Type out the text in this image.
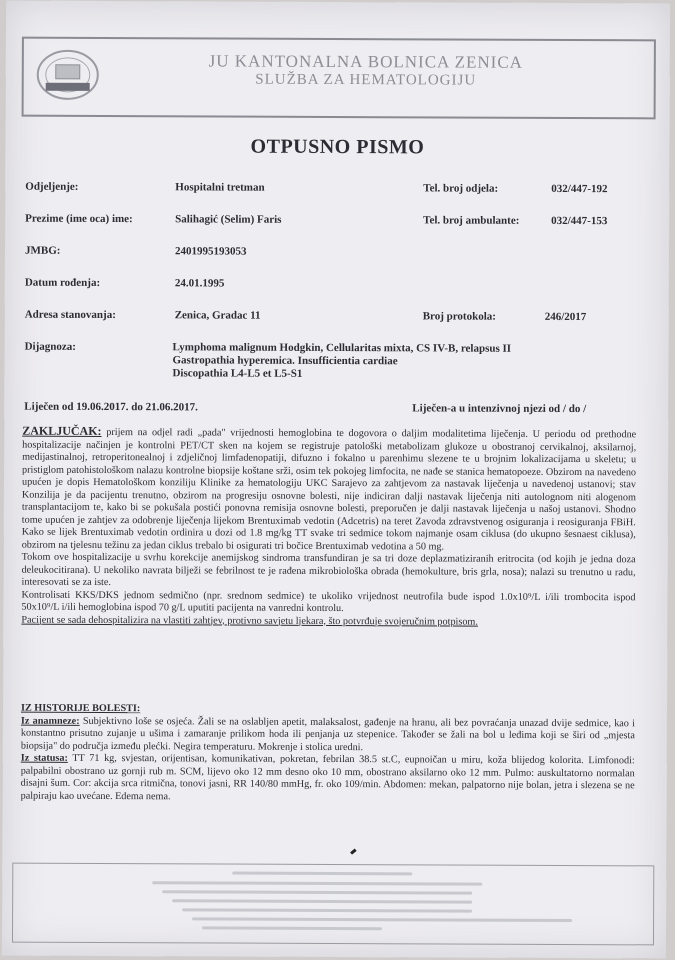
JU KANTONALNA BOLNICA ZENICA
SLUŽBA ZA HEMATOLOGIJU
OTPUSNO PISMO
Odjeljenje:	Hospitalni tretman	Tel. broj odjela:	032/447-192
Prezime (ime oca) ime:	Salihagić (Selim) Faris	Tel. broj ambulante:	032/447-153
JMBG:	2401995193053
Datum rođenja:	24.01.1995
Adresa stanovanja:	Zenica, Gradac 11	Broj protokola:	246/2017
Dijagnoza:	Lymphoma malignum Hodgkin, Cellularitas mixta, CS IV-B, relapsus II
Gastropathia hyperemica. Insufficientia cardiae
Discopathia L4-L5 et L5-S1
Liječen od 19.06.2017. do 21.06.2017.	Liječen-a u intenzivnoj njezi od / do /

ZAKLJUČAK: prijem na odjel radi „pada" vrijednosti hemoglobina te dogovora o daljim modalitetima liječenja. U periodu od prethodne hospitalizacije načinjen je kontrolni PET/CT sken na kojem se registruje patološki metabolizam glukoze u obostranoj cervikalnoj, aksilarnoj, medijastinalnoj, retroperitonealnoj i zdjeličnoj limfadenopatiji, difuzno i fokalno u parenhimu slezene te u brojnim lokalizacijama u skeletu; u pristiglom patohistološkom nalazu kontrolne biopsije koštane srži, osim tek pokojeg limfocita, ne nađe se stanica hematopoeze. Obzirom na navedeno upućen je dopis Hematološkom konziliju Klinike za hematologiju UKC Sarajevo za zahtjevom za nastavak liječenja u navedenoj ustanovi; stav Konzilija je da pacijentu trenutno, obzirom na progresiju osnovne bolesti, nije indiciran dalji nastavak liječenja niti autolognom niti alogenom transplantacijom te, kako bi se pokušala postići ponovna remisija osnovne bolesti, preporučen je dalji nastavak liječenja u našoj ustanovi. Shodno tome upućen je zahtjev za odobrenje liječenja lijekom Brentuximab vedotin (Adcetris) na teret Zavoda zdravstvenog osiguranja i reosiguranja FBiH. Kako se lijek Brentuximab vedotin ordinira u dozi od 1.8 mg/kg TT svake tri sedmice tokom najmanje osam ciklusa (do ukupno šesnaest ciklusa), obzirom na tjelesnu težinu za jedan ciklus trebalo bi osigurati tri bočice Brentuximab vedotina a 50 mg.

Tokom ove hospitalizacije u svrhu korekcije anemijskog sindroma transfundiran je sa tri doze deplazmatiziranih eritrocita (od kojih je jedna doza deleukocitirana). U nekoliko navrata bilježi se febrilnost te je rađena mikrobiološka obrada (hemokulture, bris grla, nosa); nalazi su trenutno u radu, interesovati se za iste.

Kontrolisati KKS/DKS jednom sedmično (npr. srednom sedmice) te ukoliko vrijednost neutrofila bude ispod 1.0x10⁹/L i/ili trombocita ispod 50x10⁹/L i/ili hemoglobina ispod 70 g/L uputiti pacijenta na vanredni kontrolu.

Pacijent se sada dehospitalizira na vlastiti zahtjev, protivno savjetu ljekara, što potvrđuje svojeručnim potpisom.

IZ HISTORIJE BOLESTI:

Iz anamneze: Subjektivno loše se osjeća. Žali se na oslabljen apetit, malaksalost, gađenje na hranu, ali bez povraćanja unazad dvije sedmice, kao i konstantno prisutno zujanje u ušima i zamaranje prilikom hoda ili penjanja uz stepenice. Također se žali na bol u leđima koji se širi od „mjesta biopsija" do područja između plećki. Negira temperaturu. Mokrenje i stolica uredni.

Iz statusa: TT 71 kg, svjestan, orijentisan, komunikativan, pokretan, febrilan 38.5 st.C, eupnoičan u miru, koža blijedog kolorita. Limfonodi: palpabilni obostrano uz gornji rub m. SCM, lijevo oko 12 mm desno oko 10 mm, obostrano aksilarno oko 12 mm. Pulmo: auskultatorno normalan disajni šum. Cor: akcija srca ritmična, tonovi jasni, RR 140/80 mmHg, fr. oko 109/min. Abdomen: mekan, palpatorno nije bolan, jetra i slezena se ne palpiraju kao uvećane. Edema nema.
